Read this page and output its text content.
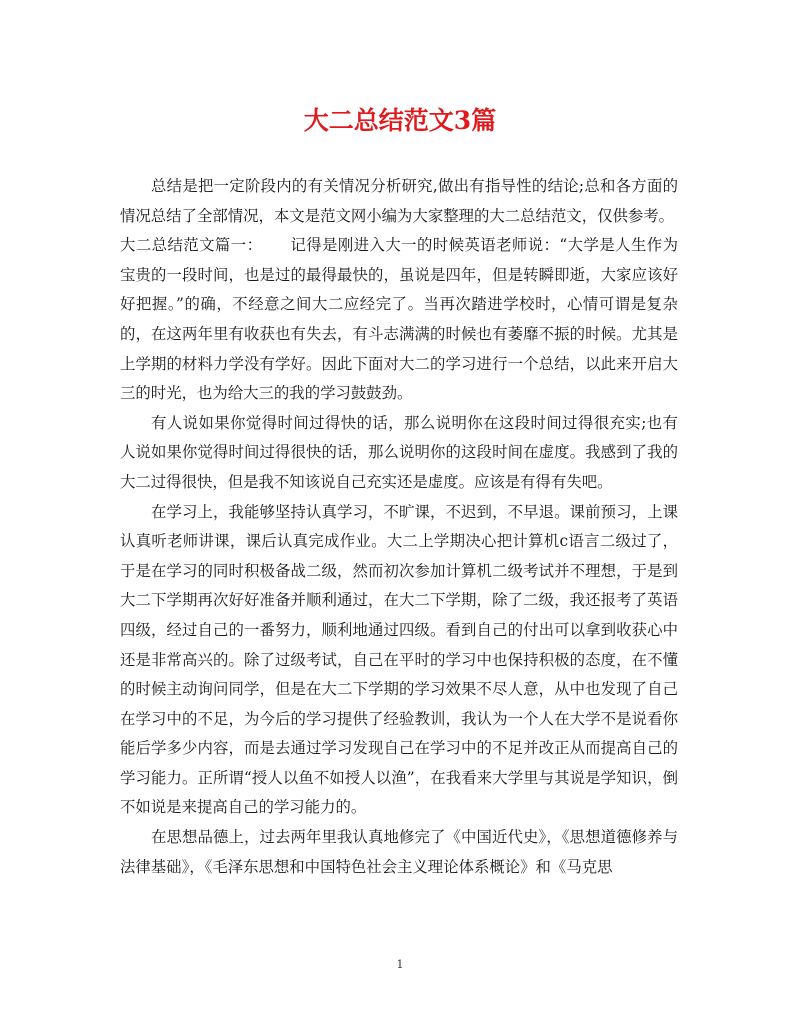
大二总结范文3篇

总结是把一定阶段内的有关情况分析研究,做出有指导性的结论;总和各方面的情况总结了全部情况，本文是范文网小编为大家整理的大二总结范文，仅供参考。

大二总结范文篇一： 记得是刚进入大一的时候英语老师说：“大学是人生作为宝贵的一段时间，也是过的最得最快的，虽说是四年，但是转瞬即逝，大家应该好好把握。”的确，不经意之间大二应经完了。当再次踏进学校时，心情可谓是复杂的，在这两年里有收获也有失去，有斗志满满的时候也有萎靡不振的时候。尤其是上学期的材料力学没有学好。因此下面对大二的学习进行一个总结，以此来开启大三的时光，也为给大三的我的学习鼓鼓劲。

有人说如果你觉得时间过得快的话，那么说明你在这段时间过得很充实;也有人说如果你觉得时间过得很快的话，那么说明你的这段时间在虚度。我感到了我的大二过得很快，但是我不知该说自己充实还是虚度。应该是有得有失吧。

在学习上，我能够坚持认真学习，不旷课，不迟到，不早退。课前预习，上课认真听老师讲课，课后认真完成作业。大二上学期决心把计算机c语言二级过了，于是在学习的同时积极备战二级，然而初次参加计算机二级考试并不理想，于是到大二下学期再次好好准备并顺利通过，在大二下学期，除了二级，我还报考了英语四级，经过自己的一番努力，顺利地通过四级。看到自己的付出可以拿到收获心中还是非常高兴的。除了过级考试，自己在平时的学习中也保持积极的态度，在不懂的时候主动询问同学，但是在大二下学期的学习效果不尽人意，从中也发现了自己在学习中的不足，为今后的学习提供了经验教训，我认为一个人在大学不是说看你能后学多少内容，而是去通过学习发现自己在学习中的不足并改正从而提高自己的学习能力。正所谓“授人以鱼不如授人以渔”，在我看来大学里与其说是学知识，倒不如说是来提高自己的学习能力的。

在思想品德上，过去两年里我认真地修完了《中国近代史》，《思想道德修养与法律基础》，《毛泽东思想和中国特色社会主义理论体系概论》和《马克思

1
